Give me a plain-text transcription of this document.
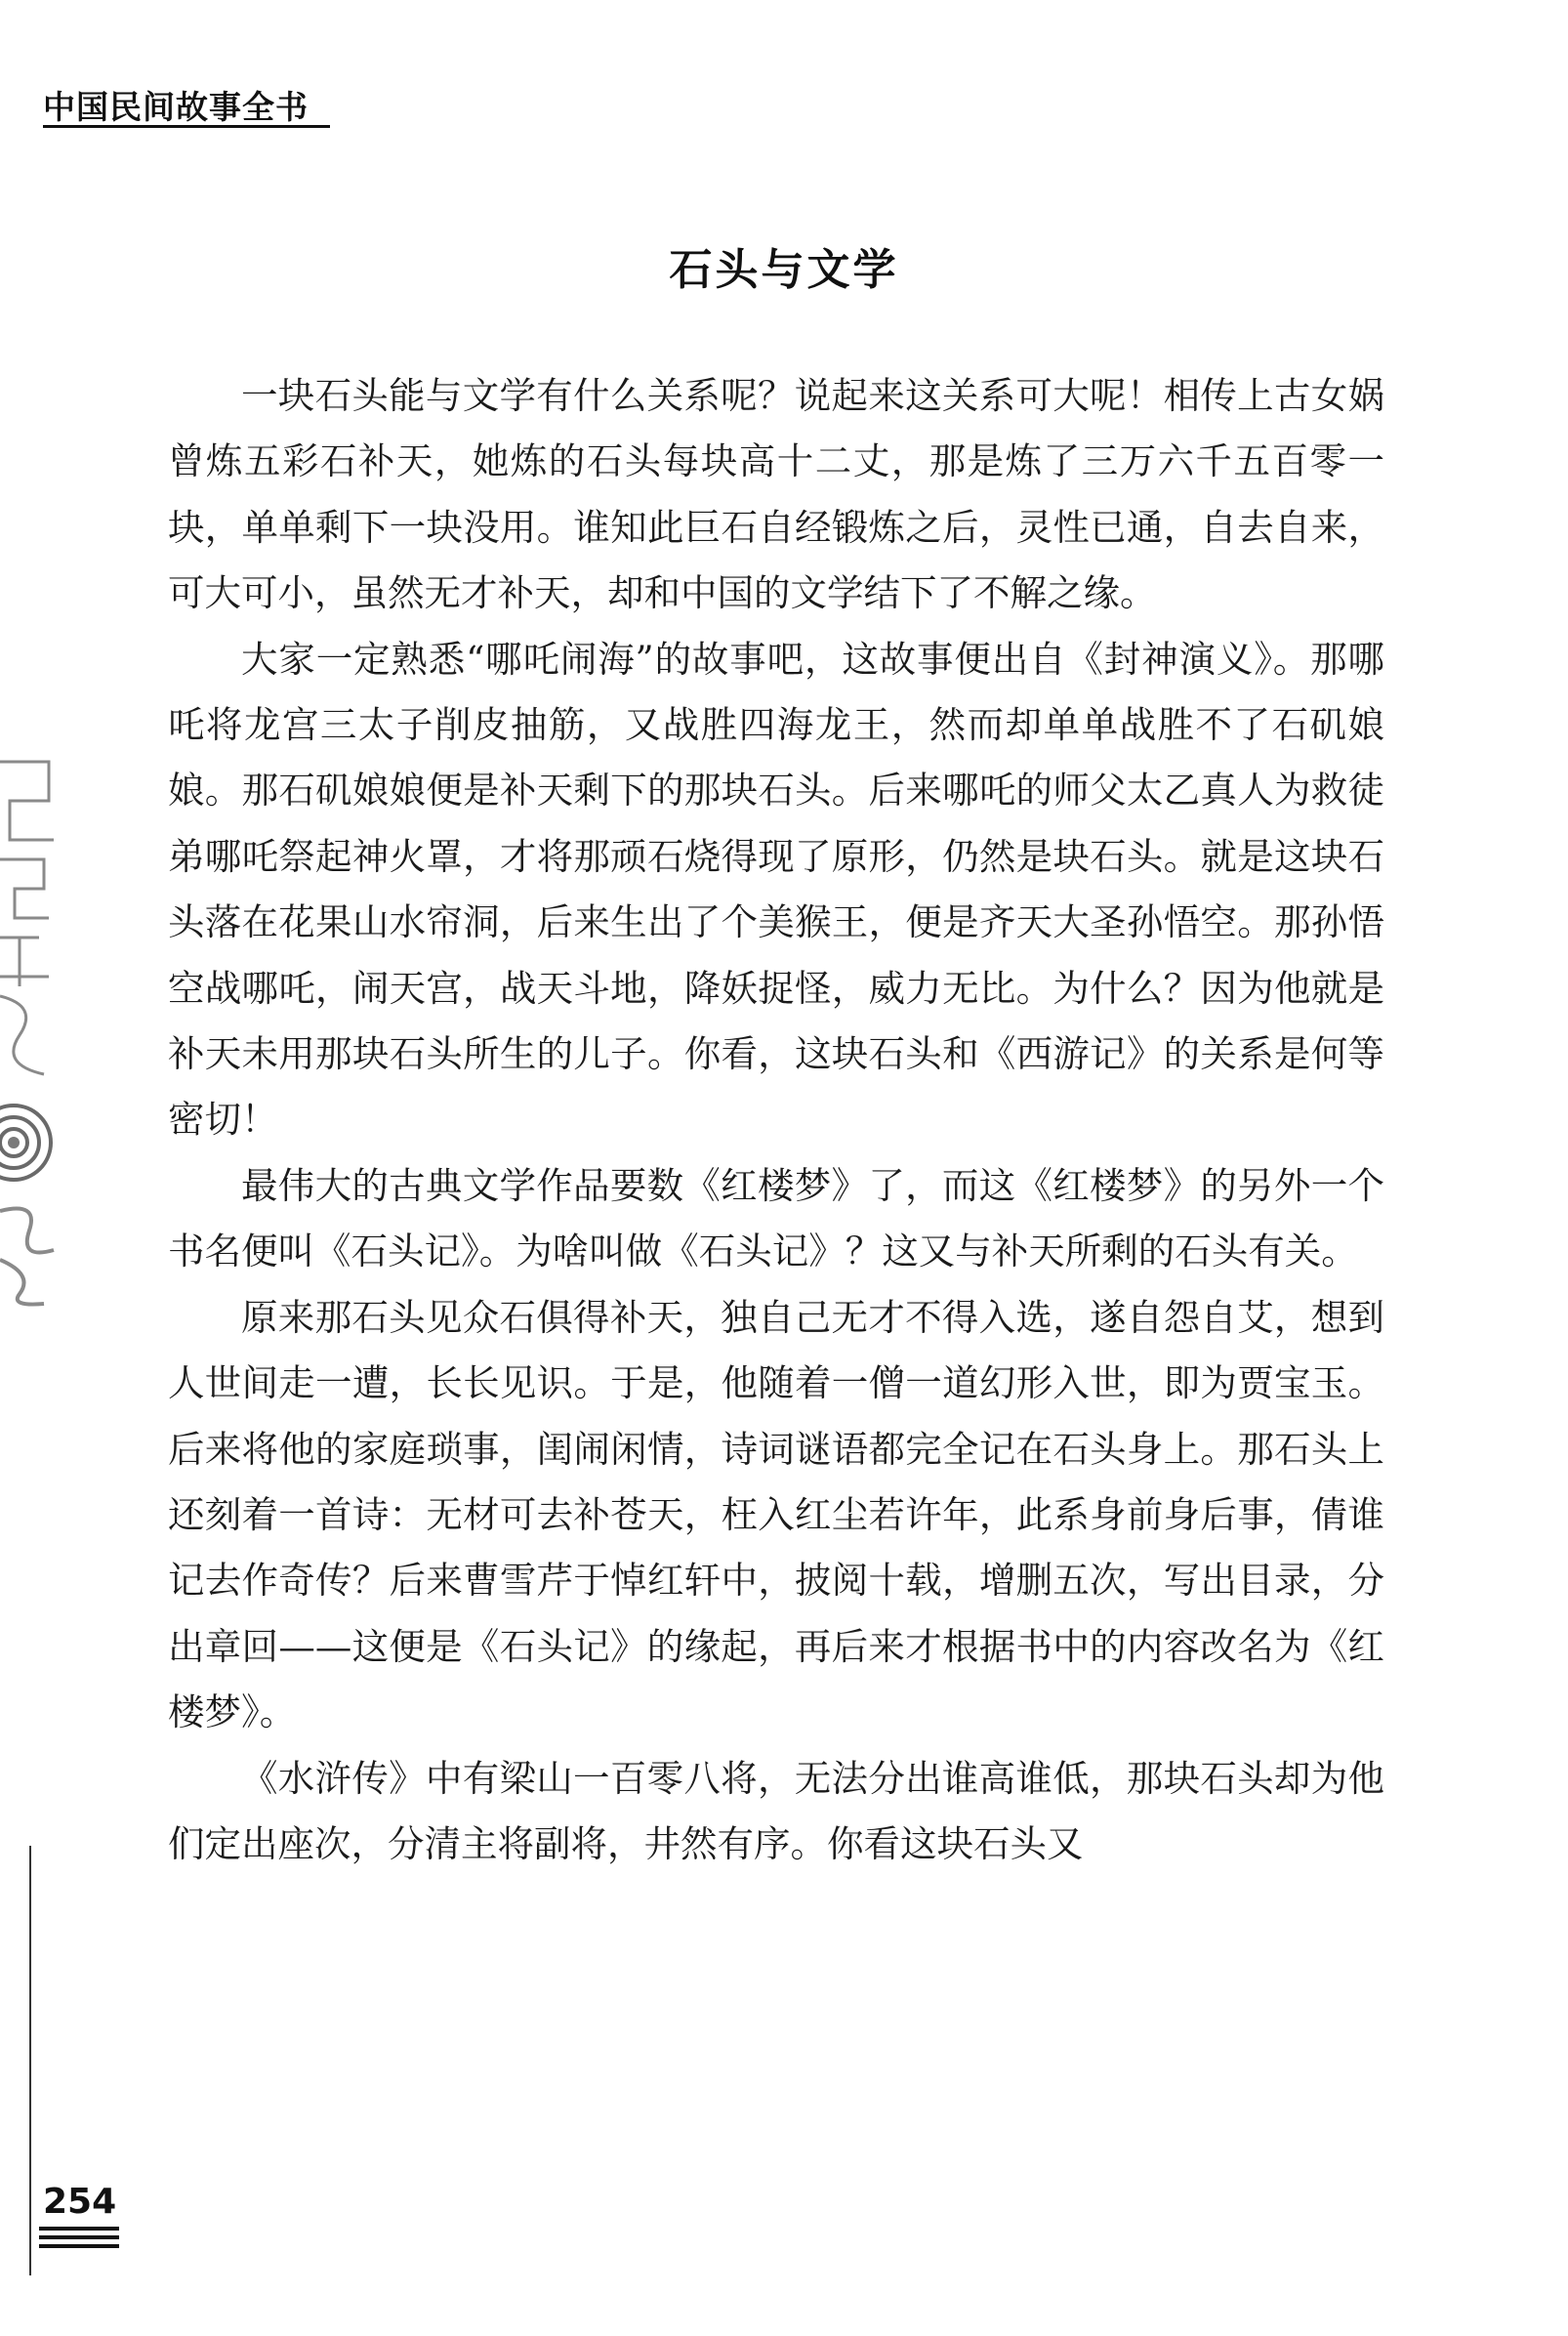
中国民间故事全书
石头与文学

一块石头能与文学有什么关系呢？说起来这关系可大呢！相传上古女娲曾炼五彩石补天，她炼的石头每块高十二丈，那是炼了三万六千五百零一块，单单剩下一块没用。谁知此巨石自经锻炼之后，灵性已通，自去自来，可大可小，虽然无才补天，却和中国的文学结下了不解之缘。

大家一定熟悉“哪吒闹海”的故事吧，这故事便出自《封神演义》。那哪吒将龙宫三太子削皮抽筋，又战胜四海龙王，然而却单单战胜不了石矶娘娘。那石矶娘娘便是补天剩下的那块石头。后来哪吒的师父太乙真人为救徒弟哪吒祭起神火罩，才将那顽石烧得现了原形，仍然是块石头。就是这块石头落在花果山水帘洞，后来生出了个美猴王，便是齐天大圣孙悟空。那孙悟空战哪吒，闹天宫，战天斗地，降妖捉怪，威力无比。为什么？因为他就是补天未用那块石头所生的儿子。你看，这块石头和《西游记》的关系是何等密切！

最伟大的古典文学作品要数《红楼梦》了，而这《红楼梦》的另外一个书名便叫《石头记》。为啥叫做《石头记》？这又与补天所剩的石头有关。

原来那石头见众石俱得补天，独自己无才不得入选，遂自怨自艾，想到人世间走一遭，长长见识。于是，他随着一僧一道幻形入世，即为贾宝玉。后来将他的家庭琐事，闺闹闲情，诗词谜语都完全记在石头身上。那石头上还刻着一首诗：无材可去补苍天，枉入红尘若许年，此系身前身后事，倩谁记去作奇传？后来曹雪芹于悼红轩中，披阅十载，增删五次，写出目录，分出章回——这便是《石头记》的缘起，再后来才根据书中的内容改名为《红楼梦》。

《水浒传》中有梁山一百零八将，无法分出谁高谁低，那块石头却为他们定出座次，分清主将副将，井然有序。你看这块石头又

254
